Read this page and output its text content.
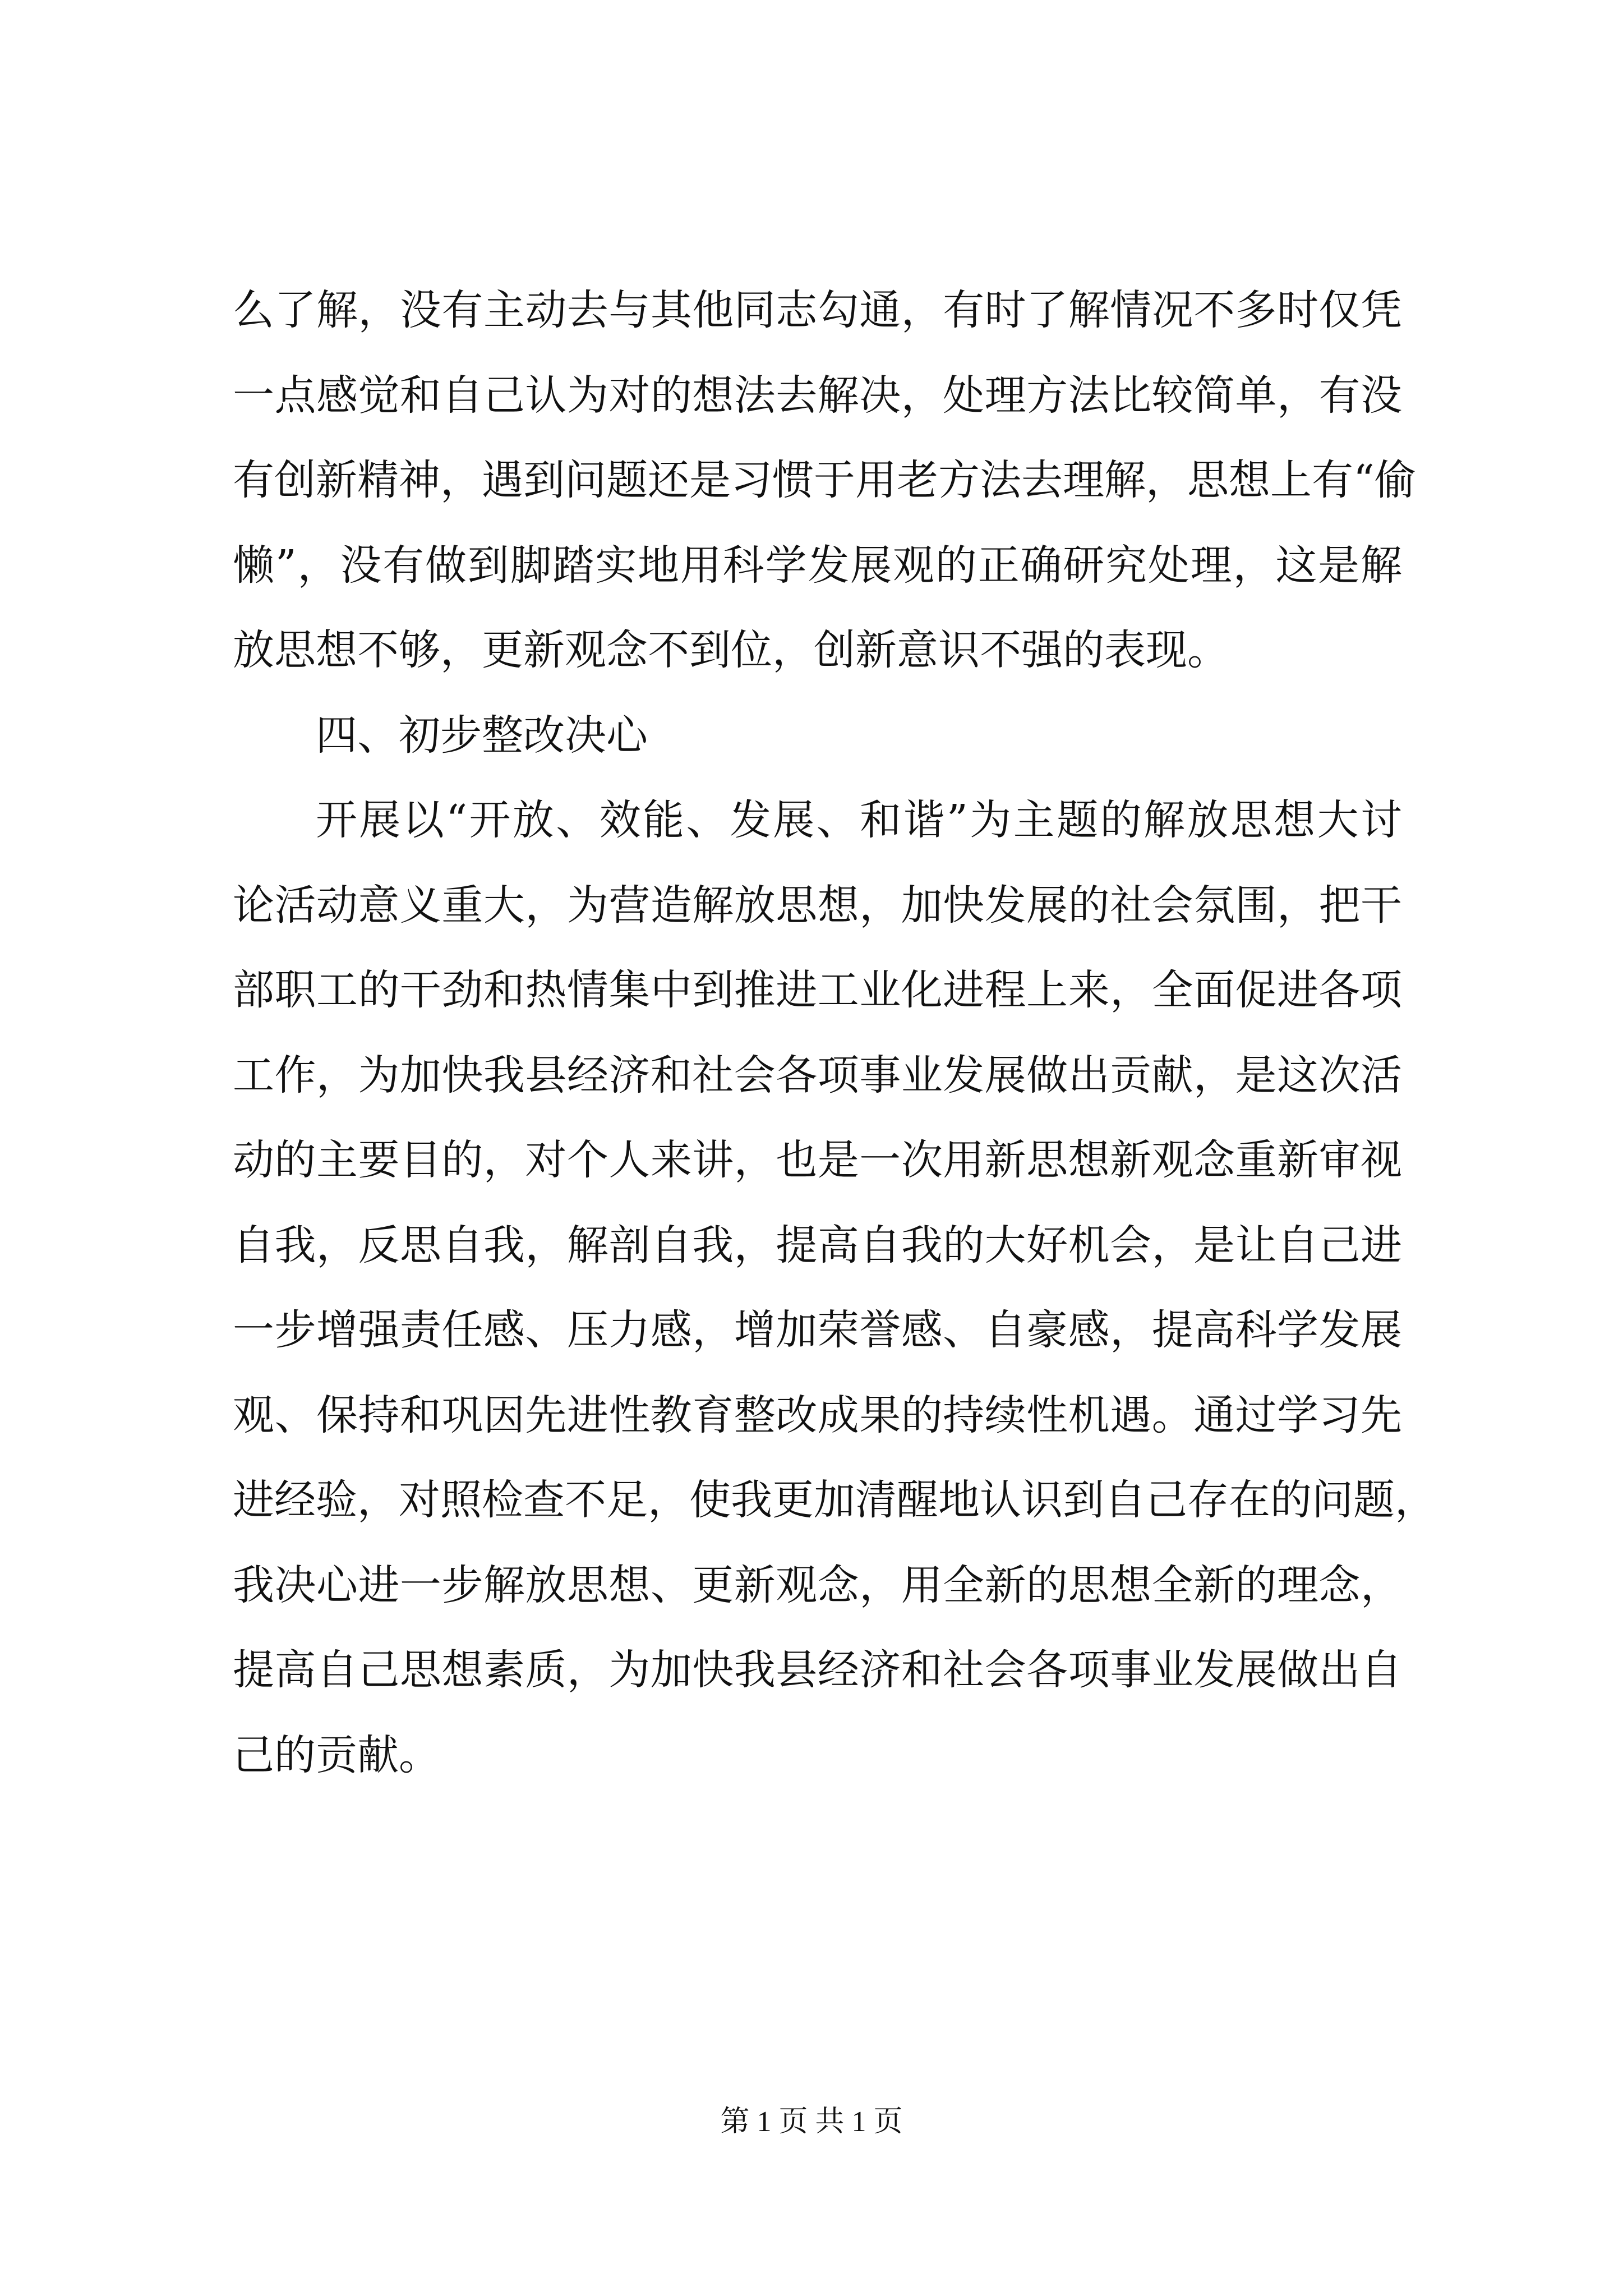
么了解，没有主动去与其他同志勾通，有时了解情况不多时仅凭
一点感觉和自己认为对的想法去解决，处理方法比较简单，有没
有创新精神，遇到问题还是习惯于用老方法去理解，思想上有“偷
懒”，没有做到脚踏实地用科学发展观的正确研究处理，这是解
放思想不够，更新观念不到位，创新意识不强的表现。
四、初步整改决心
开展以“开放、效能、发展、和谐”为主题的解放思想大讨
论活动意义重大，为营造解放思想，加快发展的社会氛围，把干
部职工的干劲和热情集中到推进工业化进程上来，全面促进各项
工作，为加快我县经济和社会各项事业发展做出贡献，是这次活
动的主要目的，对个人来讲，也是一次用新思想新观念重新审视
自我，反思自我，解剖自我，提高自我的大好机会，是让自己进
一步增强责任感、压力感，增加荣誉感、自豪感，提高科学发展
观、保持和巩因先进性教育整改成果的持续性机遇。通过学习先
进经验，对照检查不足，使我更加清醒地认识到自己存在的问题，
我决心进一步解放思想、更新观念，用全新的思想全新的理念，
提高自己思想素质，为加快我县经济和社会各项事业发展做出自
己的贡献。
第 1 页 共 1 页
